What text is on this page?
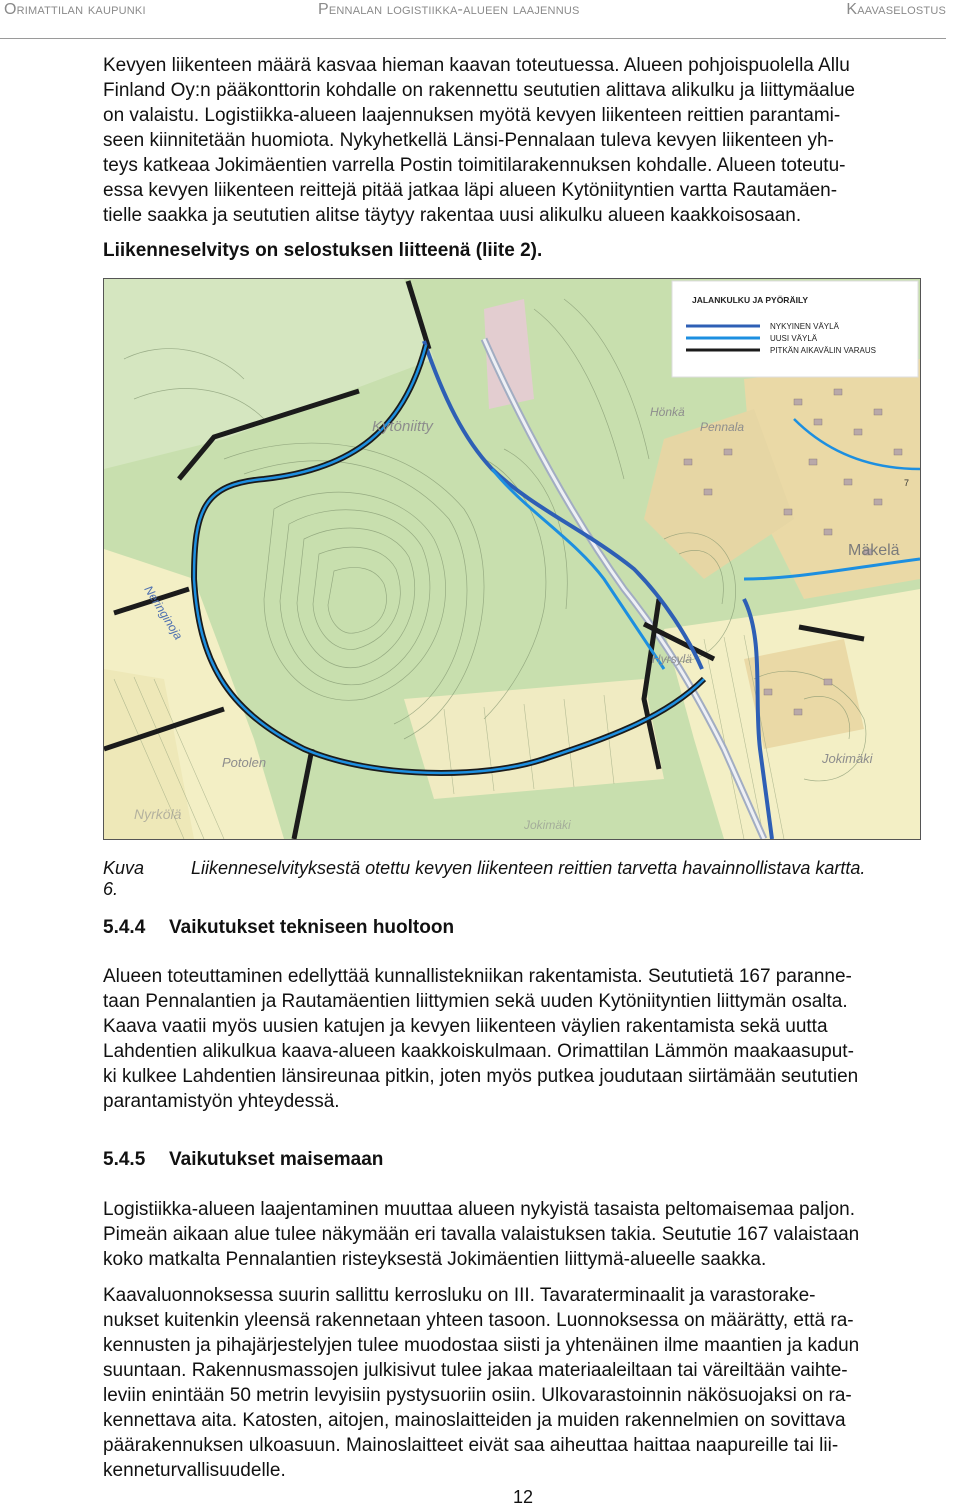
Orimattilan kaupunki	Pennalan logistiikka-alueen laajennus	Kaavaselostus
Kevyen liikenteen määrä kasvaa hieman kaavan toteutuessa. Alueen pohjoispuolella Allu
Finland Oy:n pääkonttorin kohdalle on rakennettu seututien alittava alikulku ja liittymäalue
on valaistu. Logistiikka-alueen laajennuksen myötä kevyen liikenteen reittien parantami-
seen kiinnitetään huomiota. Nykyhetkellä Länsi-Pennalaan tuleva kevyen liikenteen yh-
teys katkeaa Jokimäentien varrella Postin toimitilarakennuksen kohdalle. Alueen toteutu-
essa kevyen liikenteen reittejä pitää jatkaa läpi alueen Kytöniityntien vartta Rautamäen-
tielle saakka ja seututien alitse täytyy rakentaa uusi alikulku alueen kaakkoisosaan.
Liikenneselvitys on selostuksen liitteenä (liite 2).
Kytöniitty
Mäkelä
Neringinoja
Potolen
Hönkä
Pennala
Hyrsylä
Jokimäki
Nyrkölä
Jokimäki
7
JALANKULKU JA PYÖRÄILY
NYKYINEN VÄYLÄ
UUSI VÄYLÄ
PITKÄN AIKAVÄLIN VARAUS
Kuva 6.
Liikenneselvityksestä otettu kevyen liikenteen reittien tarvetta havainnollistava kartta.
5.4.4 Vaikutukset tekniseen huoltoon
Alueen toteuttaminen edellyttää kunnallistekniikan rakentamista. Seututietä 167 paranne-
taan Pennalantien ja Rautamäentien liittymien sekä uuden Kytöniityntien liittymän osalta.
Kaava vaatii myös uusien katujen ja kevyen liikenteen väylien rakentamista sekä uutta
Lahdentien alikulkua kaava-alueen kaakkoiskulmaan. Orimattilan Lämmön maakaasuput-
ki kulkee Lahdentien länsireunaa pitkin, joten myös putkea joudutaan siirtämään seututien
parantamistyön yhteydessä.
5.4.5 Vaikutukset maisemaan
Logistiikka-alueen laajentaminen muuttaa alueen nykyistä tasaista peltomaisemaa paljon.
Pimeän aikaan alue tulee näkymään eri tavalla valaistuksen takia. Seututie 167 valaistaan
koko matkalta Pennalantien risteyksestä Jokimäentien liittymä-alueelle saakka.
Kaavaluonnoksessa suurin sallittu kerrosluku on III. Tavaraterminaalit ja varastorake-
nukset kuitenkin yleensä rakennetaan yhteen tasoon. Luonnoksessa on määrätty, että ra-
kennusten ja pihajärjestelyjen tulee muodostaa siisti ja yhtenäinen ilme maantien ja kadun
suuntaan. Rakennusmassojen julkisivut tulee jakaa materiaaleiltaan tai väreiltään vaihte-
leviin enintään 50 metrin levyisiin pystysuoriin osiin. Ulkovarastoinnin näkösuojaksi on ra-
kennettava aita. Katosten, aitojen, mainoslaitteiden ja muiden rakennelmien on sovittava
päärakennuksen ulkoasuun. Mainoslaitteet eivät saa aiheuttaa haittaa naapureille tai lii-
kenneturvallisuudelle.
12
